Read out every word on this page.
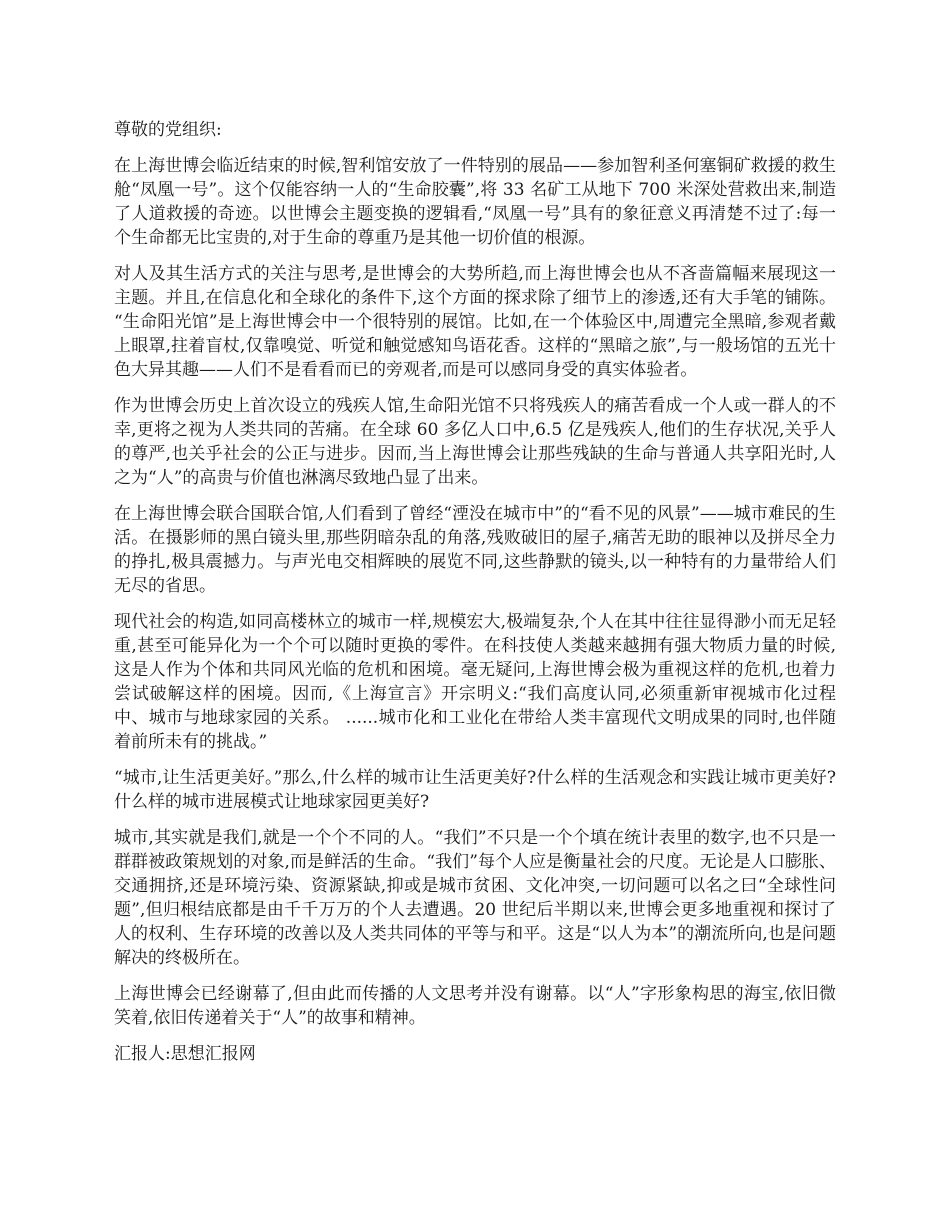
尊敬的党组织:

在上海世博会临近结束的时候,智利馆安放了一件特别的展品——参加智利圣何塞铜矿救援的救生舱“凤凰一号”。这个仅能容纳一人的“生命胶囊”,将 33 名矿工从地下 700 米深处营救出来,制造了人道救援的奇迹。以世博会主题变换的逻辑看,“凤凰一号”具有的象征意义再清楚不过了:每一个生命都无比宝贵的,对于生命的尊重乃是其他一切价值的根源。

对人及其生活方式的关注与思考,是世博会的大势所趋,而上海世博会也从不吝啬篇幅来展现这一主题。并且,在信息化和全球化的条件下,这个方面的探求除了细节上的渗透,还有大手笔的铺陈。 “生命阳光馆”是上海世博会中一个很特别的展馆。比如,在一个体验区中,周遭完全黑暗,参观者戴上眼罩,拄着盲杖,仅靠嗅觉、听觉和触觉感知鸟语花香。这样的“黑暗之旅”,与一般场馆的五光十色大异其趣——人们不是看看而已的旁观者,而是可以感同身受的真实体验者。

作为世博会历史上首次设立的残疾人馆,生命阳光馆不只将残疾人的痛苦看成一个人或一群人的不幸,更将之视为人类共同的苦痛。在全球 60 多亿人口中,6.5 亿是残疾人,他们的生存状况,关乎人的尊严,也关乎社会的公正与进步。因而,当上海世博会让那些残缺的生命与普通人共享阳光时,人之为“人”的高贵与价值也淋漓尽致地凸显了出来。

在上海世博会联合国联合馆,人们看到了曾经“湮没在城市中”的“看不见的风景”——城市难民的生活。在摄影师的黑白镜头里,那些阴暗杂乱的角落,残败破旧的屋子,痛苦无助的眼神以及拼尽全力的挣扎,极具震撼力。与声光电交相辉映的展览不同,这些静默的镜头,以一种特有的力量带给人们无尽的省思。

现代社会的构造,如同高楼林立的城市一样,规模宏大,极端复杂,个人在其中往往显得渺小而无足轻重,甚至可能异化为一个个可以随时更换的零件。在科技使人类越来越拥有强大物质力量的时候,这是人作为个体和共同风光临的危机和困境。毫无疑问,上海世博会极为重视这样的危机,也着力尝试破解这样的困境。因而,《上海宣言》开宗明义:“我们高度认同,必须重新审视城市化过程中、城市与地球家园的关系。 ......城市化和工业化在带给人类丰富现代文明成果的同时,也伴随着前所未有的挑战。”

“城市,让生活更美好。”那么,什么样的城市让生活更美好?什么样的生活观念和实践让城市更美好?什么样的城市进展模式让地球家园更美好?

城市,其实就是我们,就是一个个不同的人。“我们”不只是一个个填在统计表里的数字,也不只是一群群被政策规划的对象,而是鲜活的生命。“我们”每个人应是衡量社会的尺度。无论是人口膨胀、交通拥挤,还是环境污染、资源紧缺,抑或是城市贫困、文化冲突,一切问题可以名之曰“全球性问题”,但归根结底都是由千千万万的个人去遭遇。20 世纪后半期以来,世博会更多地重视和探讨了人的权利、生存环境的改善以及人类共同体的平等与和平。这是“以人为本”的潮流所向,也是问题解决的终极所在。

上海世博会已经谢幕了,但由此而传播的人文思考并没有谢幕。以“人”字形象构思的海宝,依旧微笑着,依旧传递着关于“人”的故事和精神。

汇报人:思想汇报网
